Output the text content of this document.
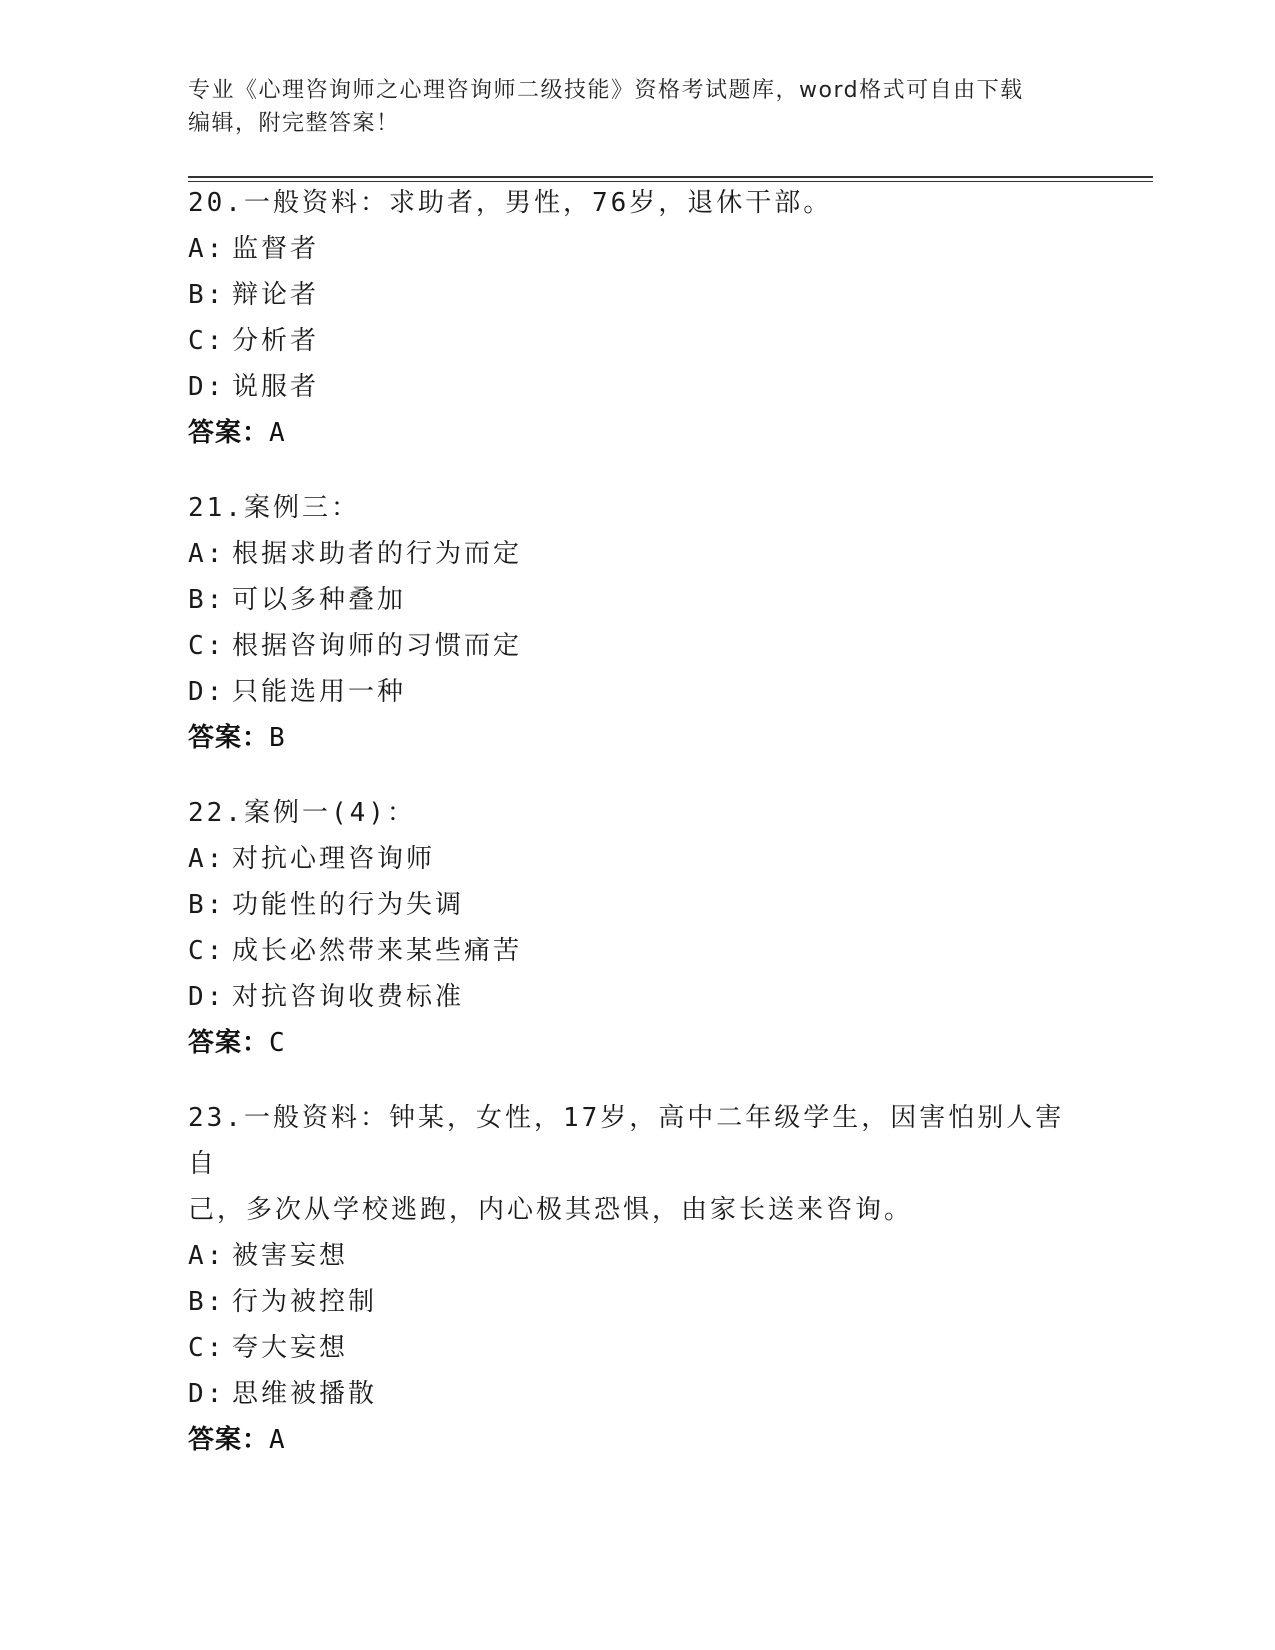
专业《心理咨询师之心理咨询师二级技能》资格考试题库，word格式可自由下载
编辑，附完整答案！
20.一般资料：求助者，男性，76岁，退休干部。
A: 监督者
B: 辩论者
C: 分析者
D: 说服者
答案：A
21.案例三：
A: 根据求助者的行为而定
B: 可以多种叠加
C: 根据咨询师的习惯而定
D: 只能选用一种
答案：B
22.案例一(4)：
A: 对抗心理咨询师
B: 功能性的行为失调
C: 成长必然带来某些痛苦
D: 对抗咨询收费标准
答案：C
23.一般资料：钟某，女性，17岁，高中二年级学生，因害怕别人害自
己，多次从学校逃跑，内心极其恐惧，由家长送来咨询。
A: 被害妄想
B: 行为被控制
C: 夸大妄想
D: 思维被播散
答案：A
